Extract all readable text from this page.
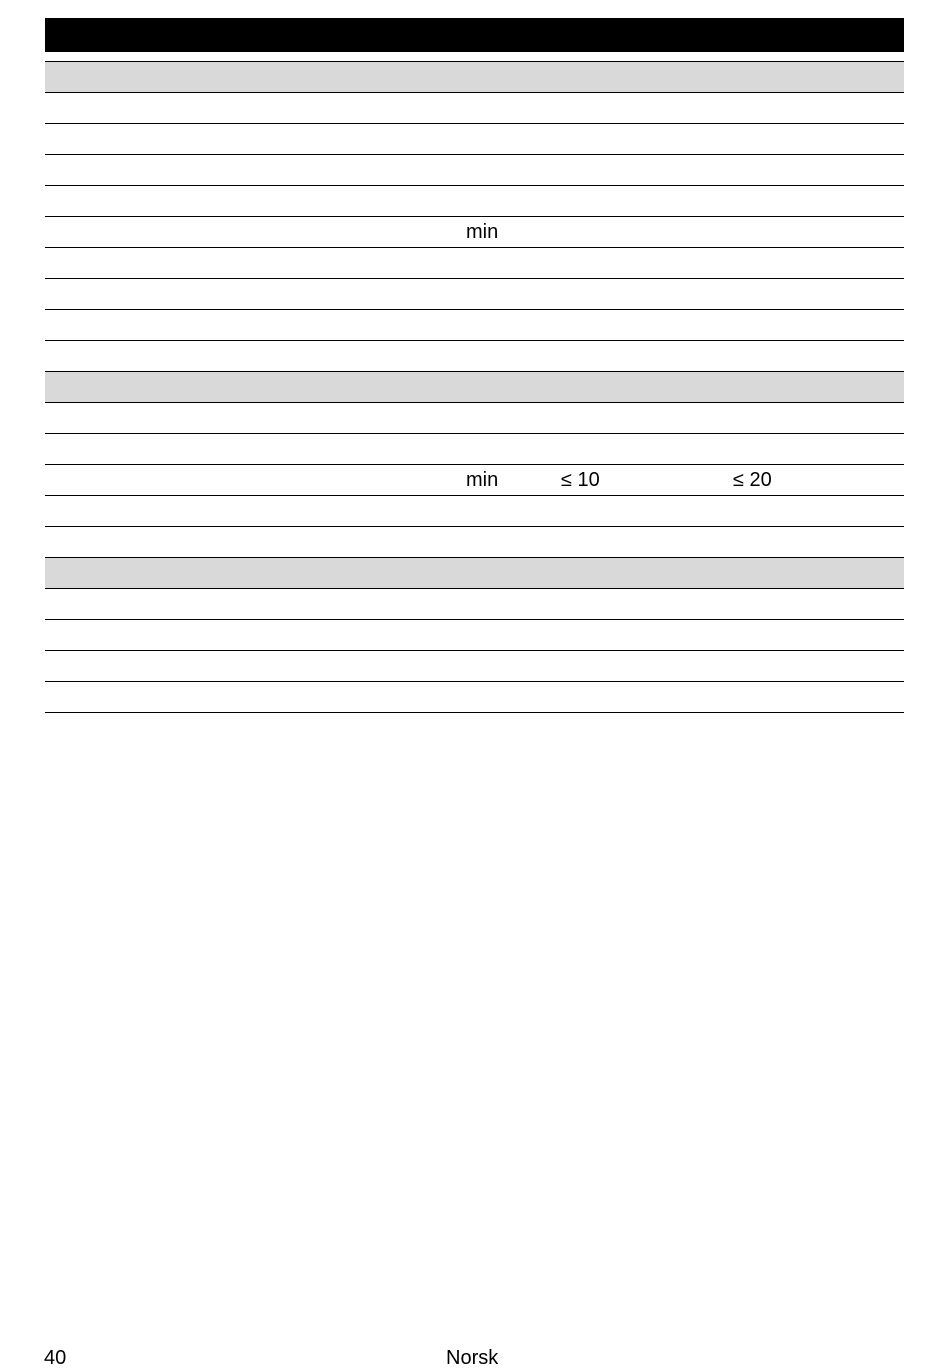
min
min	≤ 10	≤ 20
40	Norsk
